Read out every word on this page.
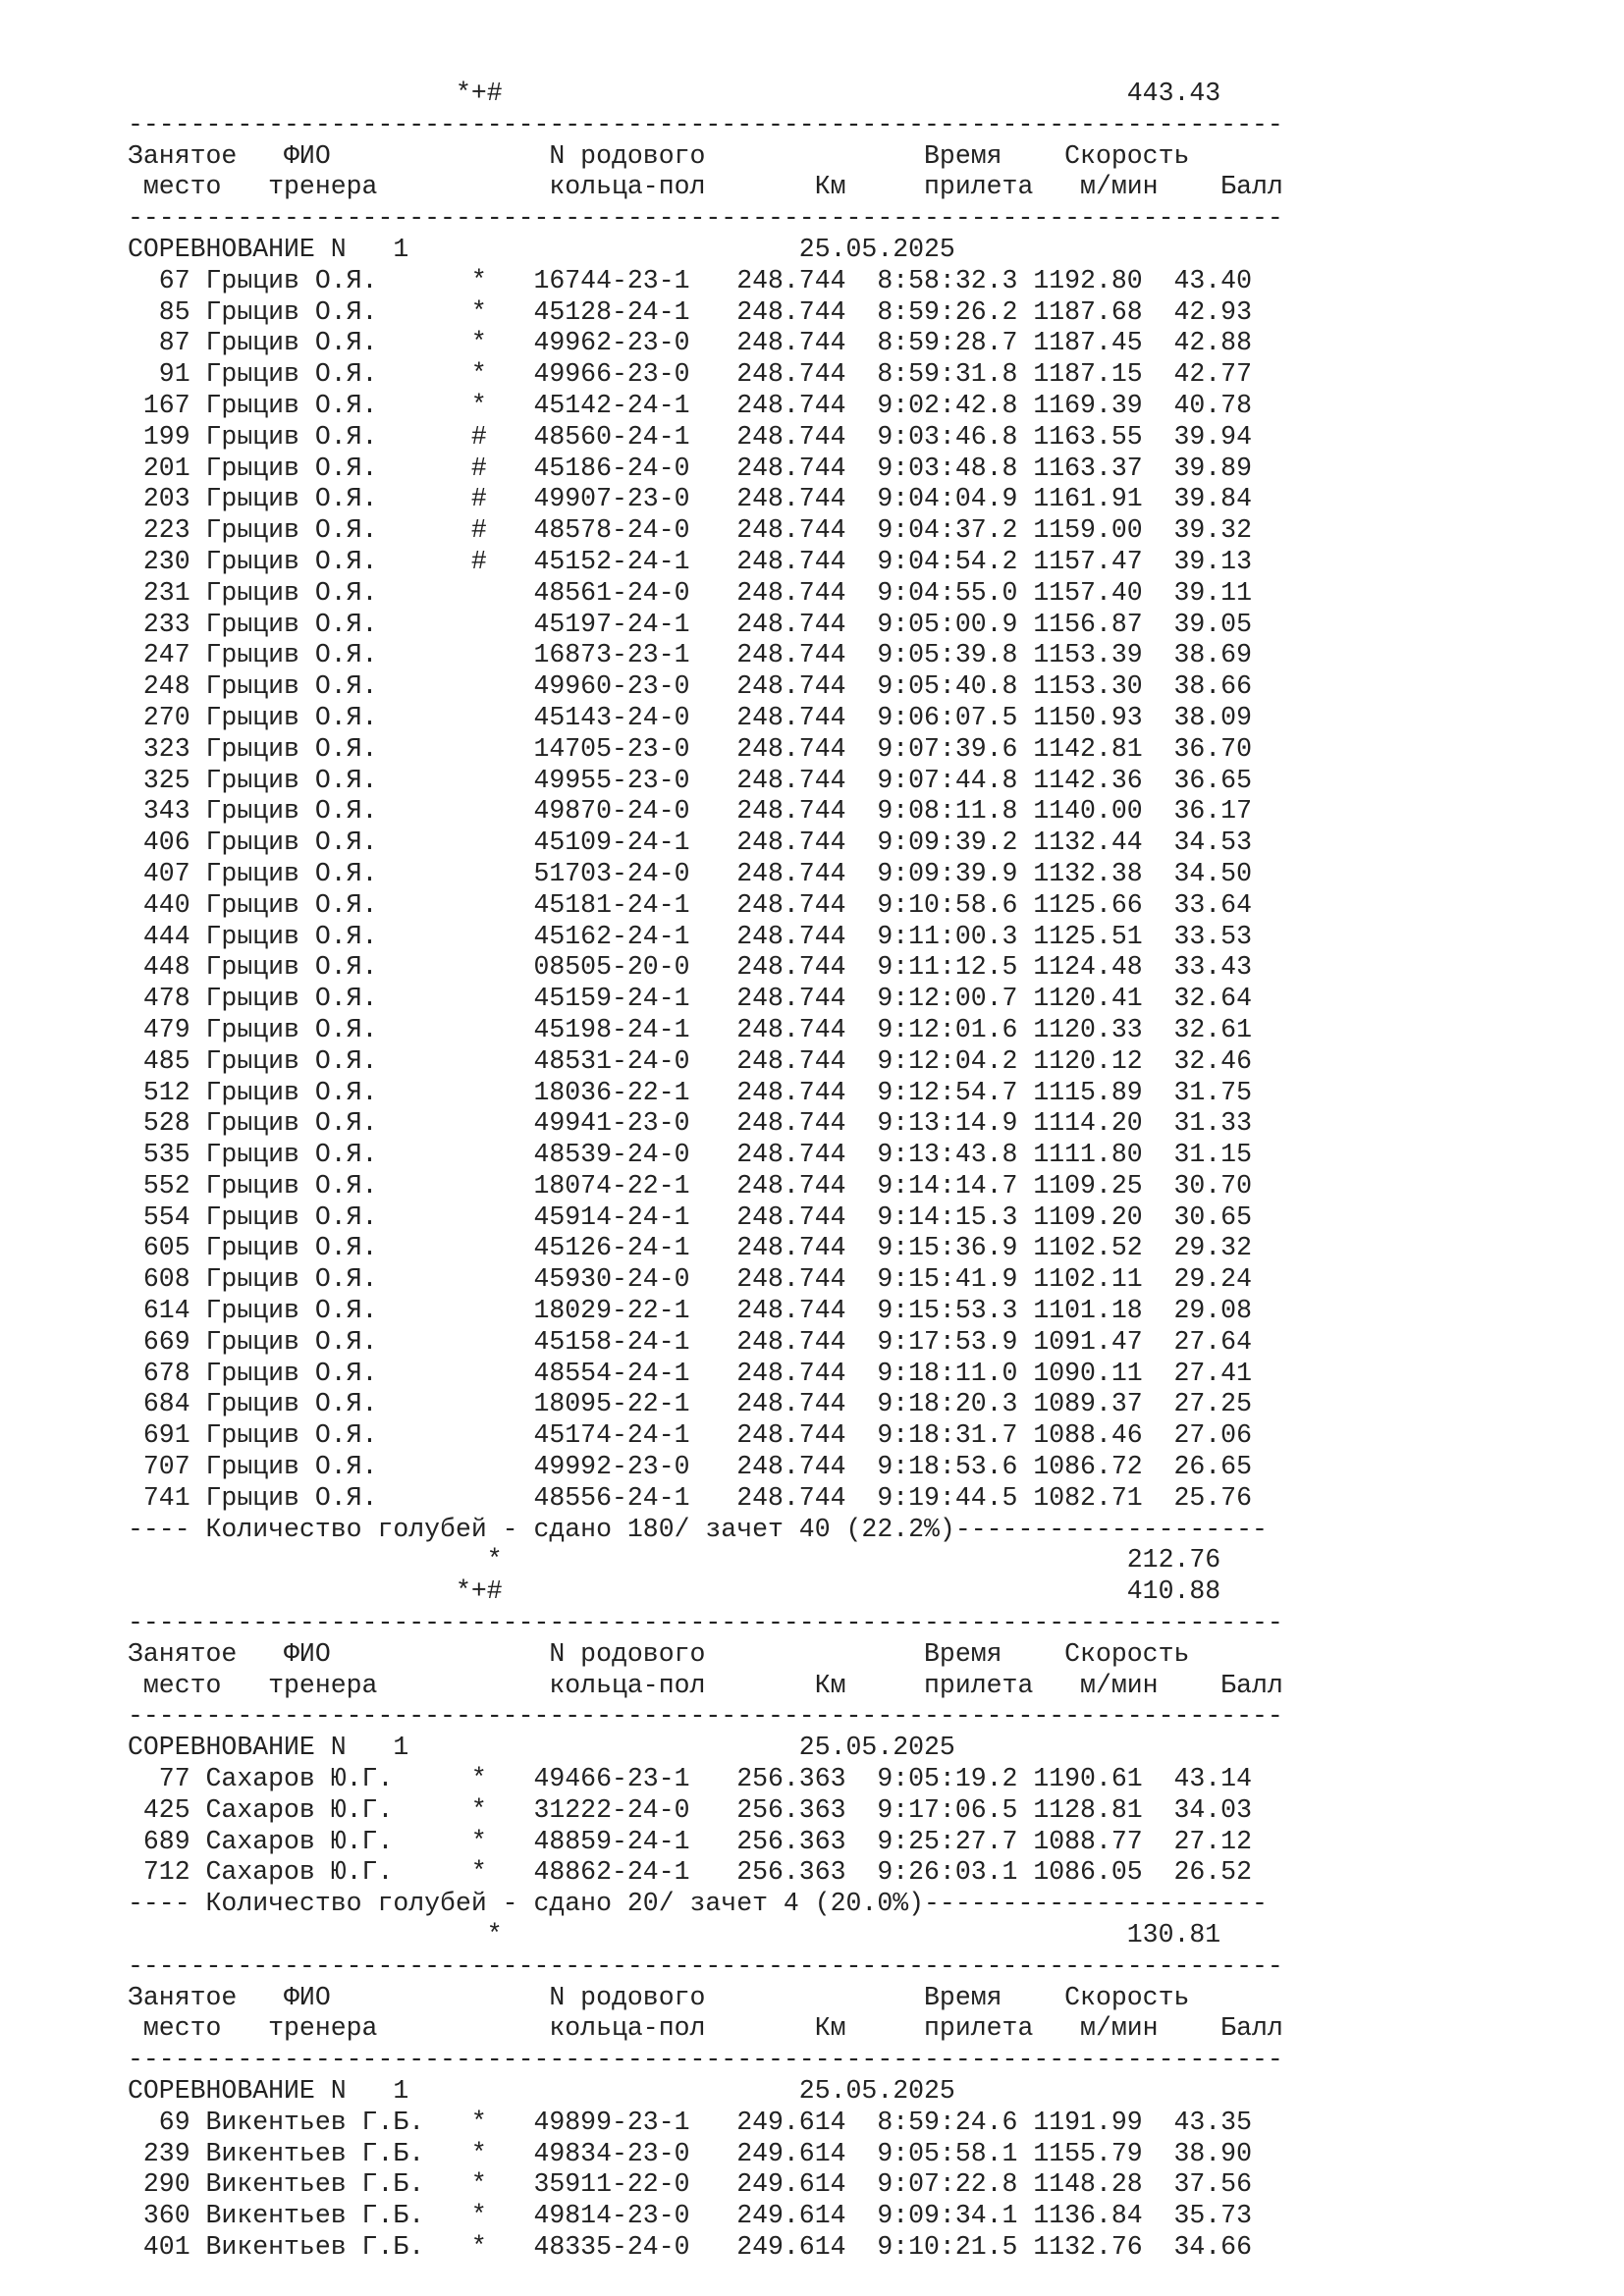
*+#                                        443.43
--------------------------------------------------------------------------
Занятое   ФИО              N родового              Время    Скорость
место   тренера           кольца-пол       Км     прилета   м/мин    Балл
--------------------------------------------------------------------------
СОРЕВНОВАНИЕ N   1                         25.05.2025
67 Грыцив О.Я.      *   16744-23-1   248.744  8:58:32.3 1192.80  43.40
85 Грыцив О.Я.      *   45128-24-1   248.744  8:59:26.2 1187.68  42.93
87 Грыцив О.Я.      *   49962-23-0   248.744  8:59:28.7 1187.45  42.88
91 Грыцив О.Я.      *   49966-23-0   248.744  8:59:31.8 1187.15  42.77
167 Грыцив О.Я.      *   45142-24-1   248.744  9:02:42.8 1169.39  40.78
199 Грыцив О.Я.      #   48560-24-1   248.744  9:03:46.8 1163.55  39.94
201 Грыцив О.Я.      #   45186-24-0   248.744  9:03:48.8 1163.37  39.89
203 Грыцив О.Я.      #   49907-23-0   248.744  9:04:04.9 1161.91  39.84
223 Грыцив О.Я.      #   48578-24-0   248.744  9:04:37.2 1159.00  39.32
230 Грыцив О.Я.      #   45152-24-1   248.744  9:04:54.2 1157.47  39.13
231 Грыцив О.Я.          48561-24-0   248.744  9:04:55.0 1157.40  39.11
233 Грыцив О.Я.          45197-24-1   248.744  9:05:00.9 1156.87  39.05
247 Грыцив О.Я.          16873-23-1   248.744  9:05:39.8 1153.39  38.69
248 Грыцив О.Я.          49960-23-0   248.744  9:05:40.8 1153.30  38.66
270 Грыцив О.Я.          45143-24-0   248.744  9:06:07.5 1150.93  38.09
323 Грыцив О.Я.          14705-23-0   248.744  9:07:39.6 1142.81  36.70
325 Грыцив О.Я.          49955-23-0   248.744  9:07:44.8 1142.36  36.65
343 Грыцив О.Я.          49870-24-0   248.744  9:08:11.8 1140.00  36.17
406 Грыцив О.Я.          45109-24-1   248.744  9:09:39.2 1132.44  34.53
407 Грыцив О.Я.          51703-24-0   248.744  9:09:39.9 1132.38  34.50
440 Грыцив О.Я.          45181-24-1   248.744  9:10:58.6 1125.66  33.64
444 Грыцив О.Я.          45162-24-1   248.744  9:11:00.3 1125.51  33.53
448 Грыцив О.Я.          08505-20-0   248.744  9:11:12.5 1124.48  33.43
478 Грыцив О.Я.          45159-24-1   248.744  9:12:00.7 1120.41  32.64
479 Грыцив О.Я.          45198-24-1   248.744  9:12:01.6 1120.33  32.61
485 Грыцив О.Я.          48531-24-0   248.744  9:12:04.2 1120.12  32.46
512 Грыцив О.Я.          18036-22-1   248.744  9:12:54.7 1115.89  31.75
528 Грыцив О.Я.          49941-23-0   248.744  9:13:14.9 1114.20  31.33
535 Грыцив О.Я.          48539-24-0   248.744  9:13:43.8 1111.80  31.15
552 Грыцив О.Я.          18074-22-1   248.744  9:14:14.7 1109.25  30.70
554 Грыцив О.Я.          45914-24-1   248.744  9:14:15.3 1109.20  30.65
605 Грыцив О.Я.          45126-24-1   248.744  9:15:36.9 1102.52  29.32
608 Грыцив О.Я.          45930-24-0   248.744  9:15:41.9 1102.11  29.24
614 Грыцив О.Я.          18029-22-1   248.744  9:15:53.3 1101.18  29.08
669 Грыцив О.Я.          45158-24-1   248.744  9:17:53.9 1091.47  27.64
678 Грыцив О.Я.          48554-24-1   248.744  9:18:11.0 1090.11  27.41
684 Грыцив О.Я.          18095-22-1   248.744  9:18:20.3 1089.37  27.25
691 Грыцив О.Я.          45174-24-1   248.744  9:18:31.7 1088.46  27.06
707 Грыцив О.Я.          49992-23-0   248.744  9:18:53.6 1086.72  26.65
741 Грыцив О.Я.          48556-24-1   248.744  9:19:44.5 1082.71  25.76
---- Количество голубей - сдано 180/ зачет 40 (22.2%)--------------------
*                                        212.76
*+#                                        410.88
--------------------------------------------------------------------------
Занятое   ФИО              N родового              Время    Скорость
место   тренера           кольца-пол       Км     прилета   м/мин    Балл
--------------------------------------------------------------------------
СОРЕВНОВАНИЕ N   1                         25.05.2025
77 Сахаров Ю.Г.     *   49466-23-1   256.363  9:05:19.2 1190.61  43.14
425 Сахаров Ю.Г.     *   31222-24-0   256.363  9:17:06.5 1128.81  34.03
689 Сахаров Ю.Г.     *   48859-24-1   256.363  9:25:27.7 1088.77  27.12
712 Сахаров Ю.Г.     *   48862-24-1   256.363  9:26:03.1 1086.05  26.52
---- Количество голубей - сдано 20/ зачет 4 (20.0%)----------------------
*                                        130.81
--------------------------------------------------------------------------
Занятое   ФИО              N родового              Время    Скорость
место   тренера           кольца-пол       Км     прилета   м/мин    Балл
--------------------------------------------------------------------------
СОРЕВНОВАНИЕ N   1                         25.05.2025
69 Викентьев Г.Б.   *   49899-23-1   249.614  8:59:24.6 1191.99  43.35
239 Викентьев Г.Б.   *   49834-23-0   249.614  9:05:58.1 1155.79  38.90
290 Викентьев Г.Б.   *   35911-22-0   249.614  9:07:22.8 1148.28  37.56
360 Викентьев Г.Б.   *   49814-23-0   249.614  9:09:34.1 1136.84  35.73
401 Викентьев Г.Б.   *   48335-24-0   249.614  9:10:21.5 1132.76  34.66
